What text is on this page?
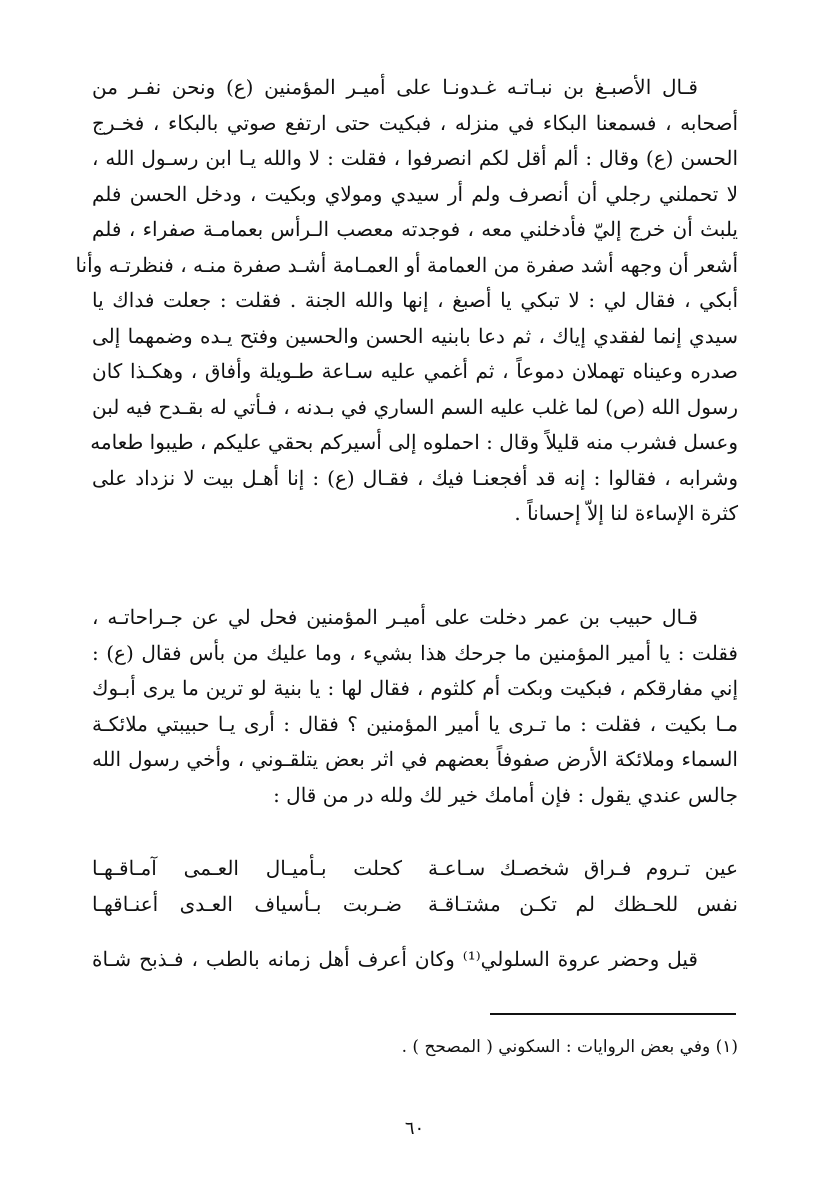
قـال الأصبـغ بن نبـاتـه غـدونـا على أميـر المؤمنين (ع) ونحن نفـر من
أصحابه ، فسمعنا البكاء في منزله ، فبكيت حتى ارتفع صوتي بالبكاء ، فخـرج
الحسن (ع) وقال : ألم أقل لكم انصرفوا ، فقلت : لا والله يـا ابن رسـول الله ،
لا تحملني رجلي أن أنصرف ولم أر سيدي ومولاي وبكيت ، ودخل الحسن فلم
يلبث أن خرج إليّ فأدخلني معه ، فوجدته معصب الـرأس بعمامـة صفراء ، فلم
أشعر أن وجهه أشد صفرة من العمامة أو العمـامة أشـد صفرة منـه ، فنظرتـه وأنا
أبكي ، فقال لي : لا تبكي يا أصبغ ، إنها والله الجنة . فقلت : جعلت فداك يا
سيدي إنما لفقدي إياك ، ثم دعا بابنيه الحسن والحسين وفتح يـده وضمهما إلى
صدره وعيناه تهملان دموعاً ، ثم أغمي عليه سـاعة طـويلة وأفاق ، وهكـذا كان
رسول الله (ص) لما غلب عليه السم الساري في بـدنه ، فـأتي له بقـدح فيه لبن
وعسل فشرب منه قليلاً وقال : احملوه إلى أسيركم بحقي عليكم ، طيبوا طعامه
وشرابه ، فقالوا : إنه قد أفجعنـا فيك ، فقـال (ع) : إنا أهـل بيت لا نزداد على
كثرة الإساءة لنا إلاّ إحساناً .
قـال حبيب بن عمر دخلت على أميـر المؤمنين فحل لي عن جـراحاتـه ،
فقلت : يا أمير المؤمنين ما جرحك هذا بشيء ، وما عليك من بأس فقال (ع) :
إني مفارقكم ، فبكيت وبكت أم كلثوم ، فقال لها : يا بنية لو ترين ما يرى أبـوك
مـا بكيت ، فقلت : ما تـرى يا أمير المؤمنين ؟ فقال : أرى يـا حبيبتي ملائكـة
السماء وملائكة الأرض صفوفاً بعضهم في اثر بعض يتلقـوني ، وأخي رسول الله
جالس عندي يقول : فإن أمامك خير لك ولله در من قال :
عين تـروم فـراق شخصـك سـاعـة
كحلت بـأميـال العـمى آمـاقـهـا
نفس للحـظك لم تكـن مشتـاقـة
ضـربت بـأسياف العـدى أعنـاقهـا
قيل وحضر عروة السلولي⁽¹⁾ وكان أعرف أهل زمانه بالطب ، فـذبح شـاة
(١) وفي بعض الروايات : السكوني ( المصحح ) .
٦٠
